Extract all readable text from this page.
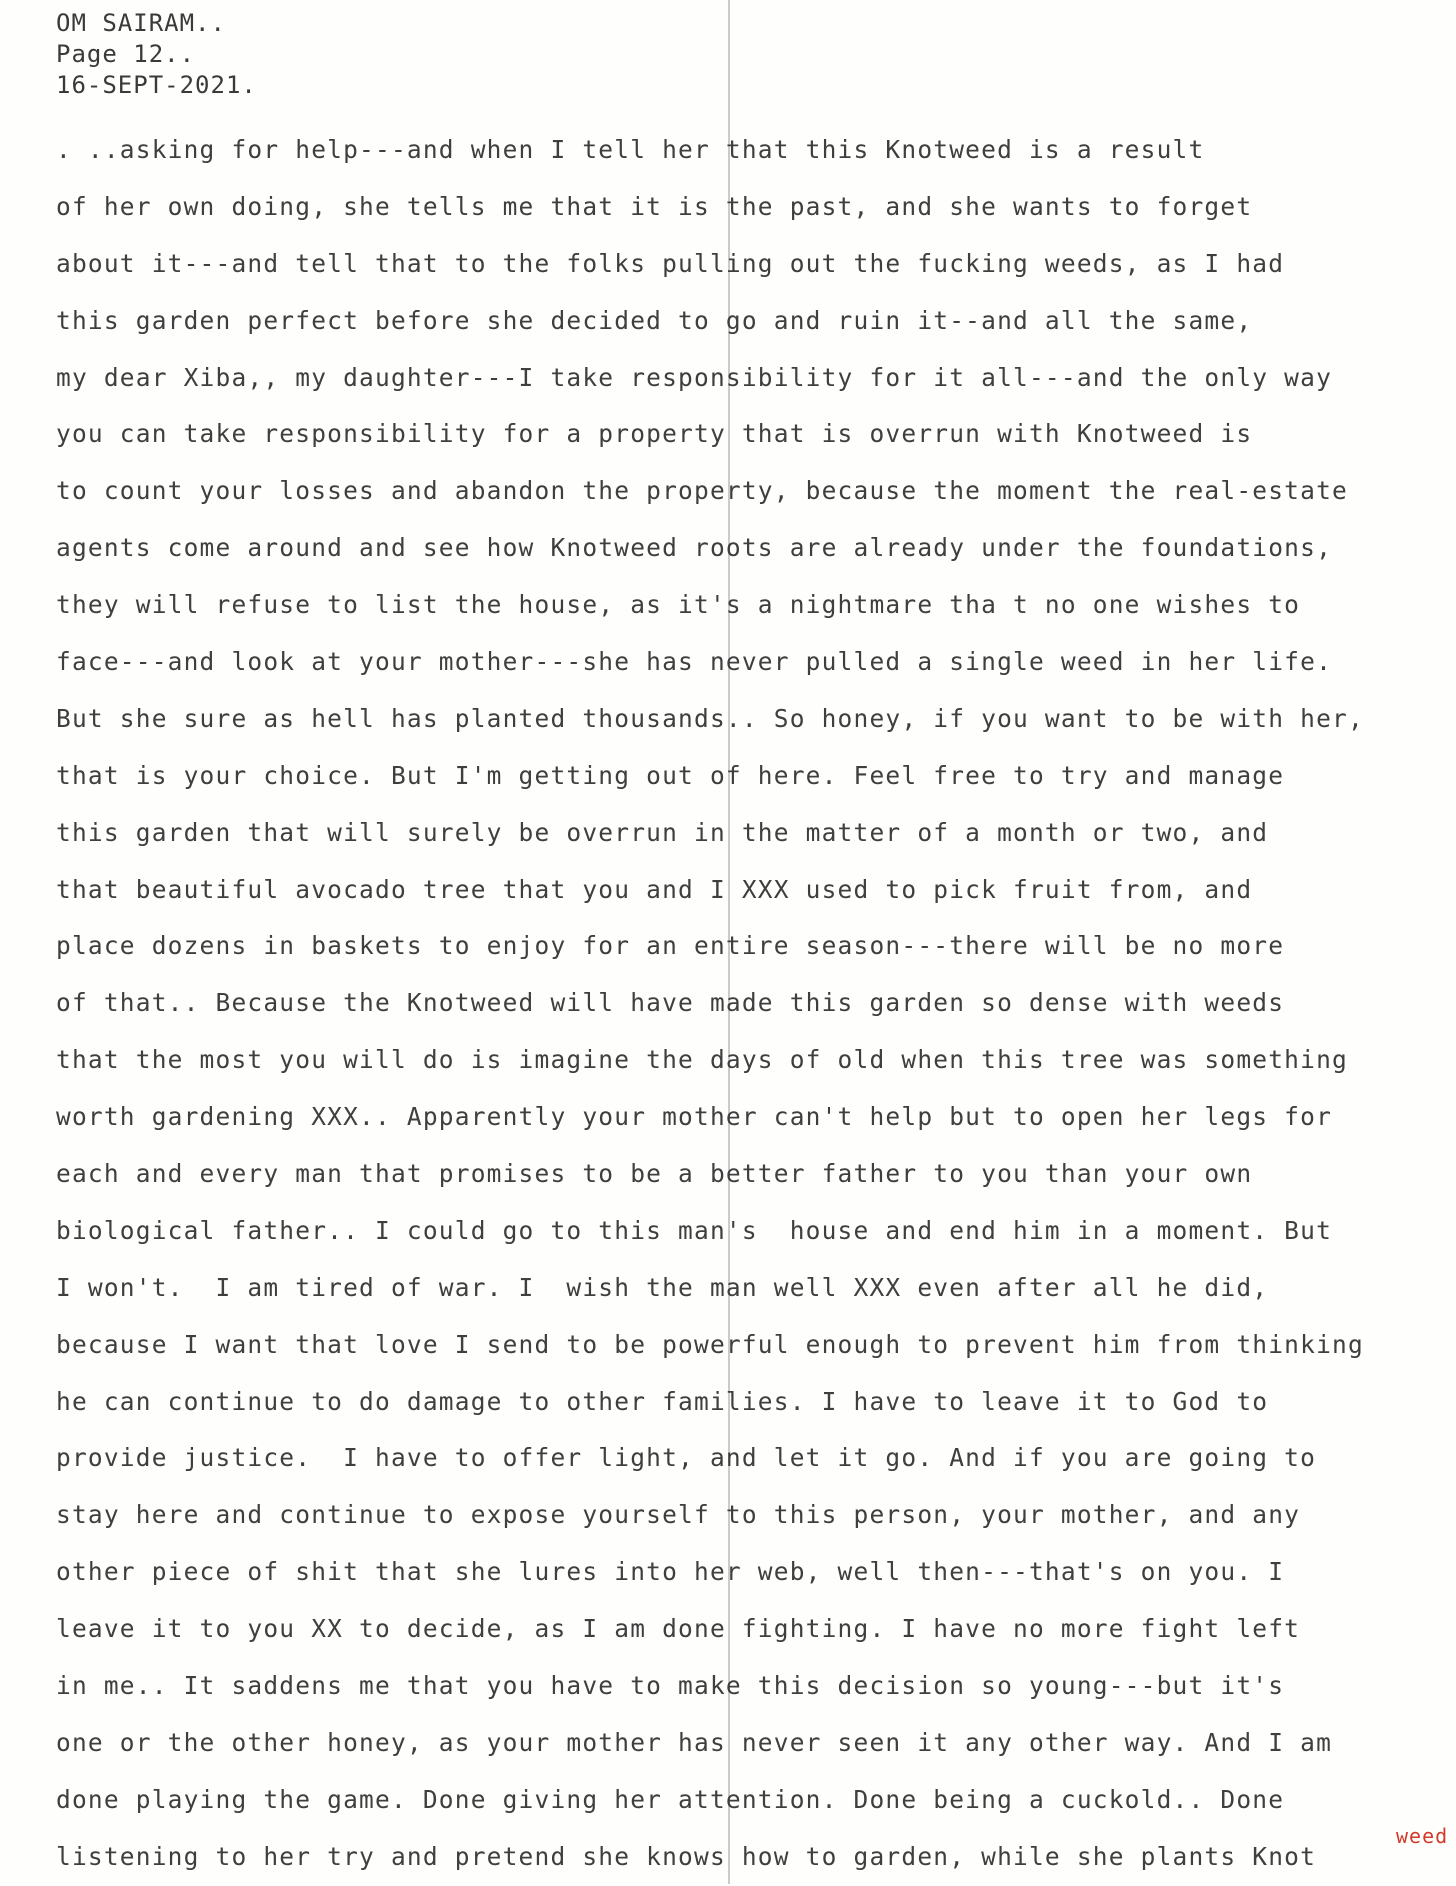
OM SAIRAM..
Page 12..
16-SEPT-2021.
. ..asking for help---and when I tell her that this Knotweed is a result
of her own doing, she tells me that it is the past, and she wants to forget
about it---and tell that to the folks pulling out the fucking weeds, as I had
this garden perfect before she decided to go and ruin it--and all the same,
my dear Xiba,, my daughter---I take responsibility for it all---and the only way
you can take responsibility for a property that is overrun with Knotweed is
to count your losses and abandon the property, because the moment the real-estate
agents come around and see how Knotweed roots are already under the foundations,
they will refuse to list the house, as it's a nightmare tha t no one wishes to
face---and look at your mother---she has never pulled a single weed in her life.
But she sure as hell has planted thousands.. So honey, if you want to be with her,
that is your choice. But I'm getting out of here. Feel free to try and manage
this garden that will surely be overrun in the matter of a month or two, and
that beautiful avocado tree that you and I XXX used to pick fruit from, and
place dozens in baskets to enjoy for an entire season---there will be no more
of that.. Because the Knotweed will have made this garden so dense with weeds
that the most you will do is imagine the days of old when this tree was something
worth gardening XXX.. Apparently your mother can't help but to open her legs for
each and every man that promises to be a better father to you than your own
biological father.. I could go to this man's  house and end him in a moment. But
I won't.  I am tired of war. I  wish the man well XXX even after all he did,
because I want that love I send to be powerful enough to prevent him from thinking
he can continue to do damage to other families. I have to leave it to God to
provide justice.  I have to offer light, and let it go. And if you are going to
stay here and continue to expose yourself to this person, your mother, and any
other piece of shit that she lures into her web, well then---that's on you. I
leave it to you XX to decide, as I am done fighting. I have no more fight left
in me.. It saddens me that you have to make this decision so young---but it's
one or the other honey, as your mother has never seen it any other way. And I am
done playing the game. Done giving her attention. Done being a cuckold.. Done
listening to her try and pretend she knows how to garden, while she plants Knot
weed
